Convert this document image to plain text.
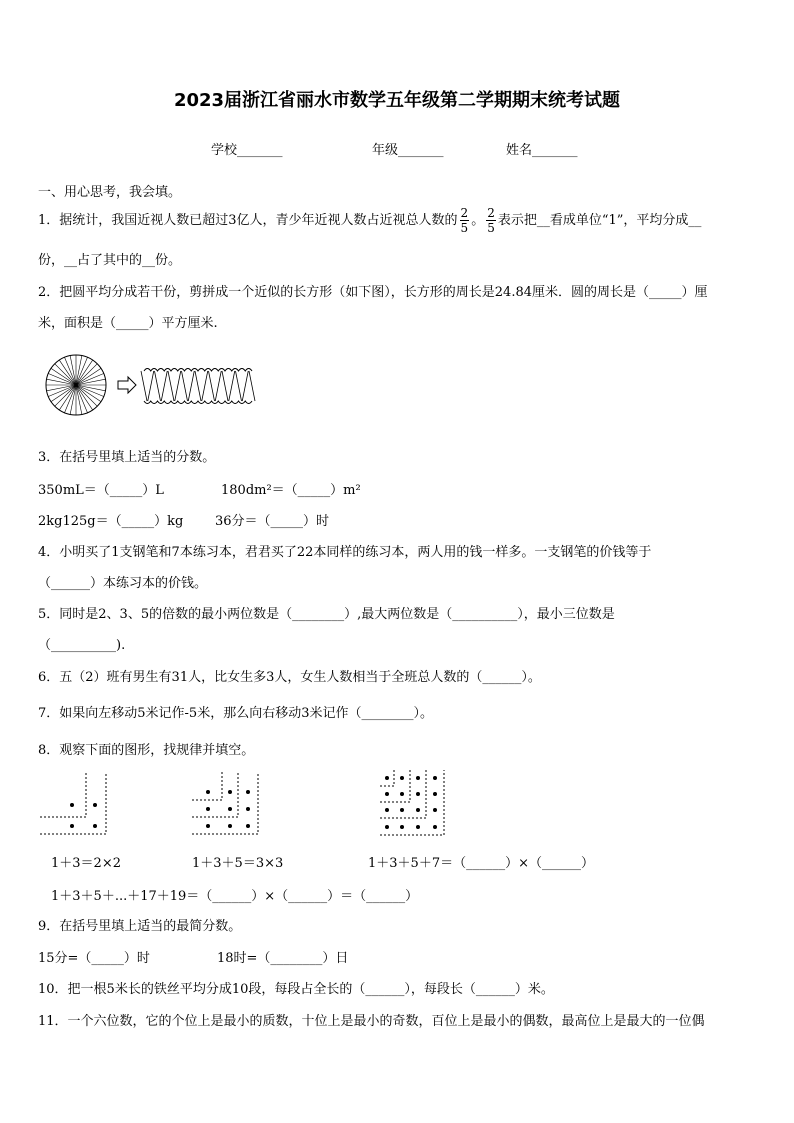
2023届浙江省丽水市数学五年级第二学期期末统考试题
学校_______	年级_______	姓名_______
一、用心思考，我会填。
1．据统计，我国近视人数已超过3亿人，青少年近视人数占近视总人数的 $\frac{2}{5}$ 。 $\frac{2}{5}$ 表示把__看成单位“1”，平均分成__
份，__占了其中的__份。
2．把圆平均分成若干份，剪拼成一个近似的长方形（如下图），长方形的周长是24.84厘米．圆的周长是（_____）厘
米，面积是（_____）平方厘米.
3．在括号里填上适当的分数。
350mL＝（_____）L	180dm²＝（_____）m²
2kg125g＝（_____）kg 36分＝（_____）时
4．小明买了1支钢笔和7本练习本，君君买了22本同样的练习本，两人用的钱一样多。一支钢笔的价钱等于
（______）本练习本的价钱。
5．同时是2、3、5的倍数的最小两位数是（________）,最大两位数是（__________），最小三位数是
（__________).
6．五（2）班有男生有31人，比女生多3人，女生人数相当于全班总人数的（______）。
7．如果向左移动5米记作-5米，那么向右移动3米记作（________）。
8．观察下面的图形，找规律并填空。
1＋3＝2×2	1＋3＋5＝3×3	1＋3＋5＋7＝（______）×（______）
1＋3＋5＋...＋17＋19＝（______）×（______）＝（______）
9．在括号里填上适当的最简分数。
15分=（_____）时	18时=（________）日
10．把一根5米长的铁丝平均分成10段，每段占全长的（______），每段长（______）米。
11．一个六位数，它的个位上是最小的质数，十位上是最小的奇数，百位上是最小的偶数，最高位上是最大的一位偶
